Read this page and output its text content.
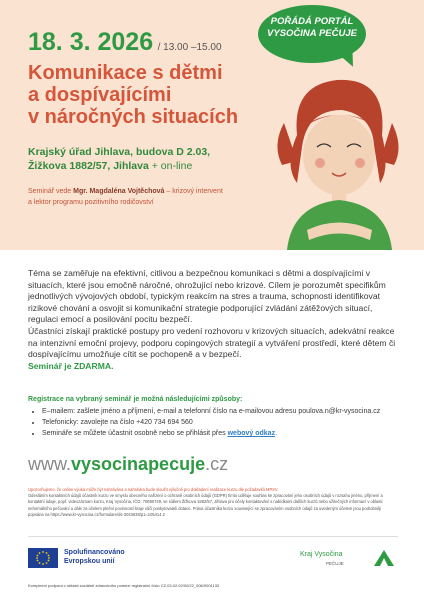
18. 3. 2026 / 13.00 –15.00
Komunikace s dětmi
a dospívajícími
v náročných situacích
Krajský úřad Jihlava, budova D 2.03,
Žižkova 1882/57, Jihlava + on-line
Seminář vede Mgr. Magdaléna Vojtěchová – krizový intervent
a lektor programu pozitivního rodičovství
POŘÁDÁ PORTÁL
VYSOČINA PEČUJE

Téma se zaměřuje na efektivní, citlivou a bezpečnou komunikaci s dětmi a dospívajícími v situacích, které jsou emočně náročné, ohrožující nebo krizové. Cílem je porozumět specifikům jednotlivých vývojových období, typickým reakcím na stres a trauma, schopnosti identifikovat rizikové chování a osvojit si komunikační strategie podporující zvládání zátěžových situací, regulaci emocí a posilování pocitu bezpečí.

Účastníci získají praktické postupy pro vedení rozhovoru v krizových situacích, adekvátní reakce na intenzivní emoční projevy, podporu copingových strategií a vytváření prostředí, které dětem či dospívajícímu umožňuje cítit se pochopeně a v bezpečí.

Seminář je ZDARMA.

Registrace na vybraný seminář je možná následujícími způsoby:
• E–mailem: zašlete jméno a příjmení, e-mail a telefonní číslo na e-mailovou adresu poulova.n@kr-vysocina.cz
• Telefonicky: zavolejte na číslo +420 734 694 560
• Semináře se můžete účastnit osobně nebo se přihlásit přes webový odkaz.
www.vysocinapecuje.cz
Upozorňujeme, že online výuka může být nahrávána a nahrávka bude sloužit výlučně pro dokladení realizace kurzu dle požadavků MPSV.
Odesláním kontaktních údajů účastník kurzu ve smyslu obecného nařízení o ochraně osobních údajů (GDPR) tímto uděluje souhlas ke zpracování jeho osobních údajů v rozsahu jméno, příjmení a kontaktní údaje, popř. videozáznam kurzu, Kraj Vysočina, IČO: 70890749, se sídlem Žižkova 1882/57, Jihlava pro účely kontaktování s nabídkami dalších kurzů nebo užitečných informací v oblasti neformálního pečování a dále za účelem plnění povinností kraje vůči poskytovateli dotace. Práva účastníka kurzu související se zpracováním osobních údajů za uvedeným účelem jsou podrobněji popsána na https://www.kr-vysocina.cz/formulare/ds-3043638/p1=105414.2
Spolufinancováno
Evropskou unií
Kraj Vysočina
PEČUJE
Komplexní podpora v oblasti sociálně zdravotního pomezí registrační číslo CZ.03.02.02/00/22_006/0001133
